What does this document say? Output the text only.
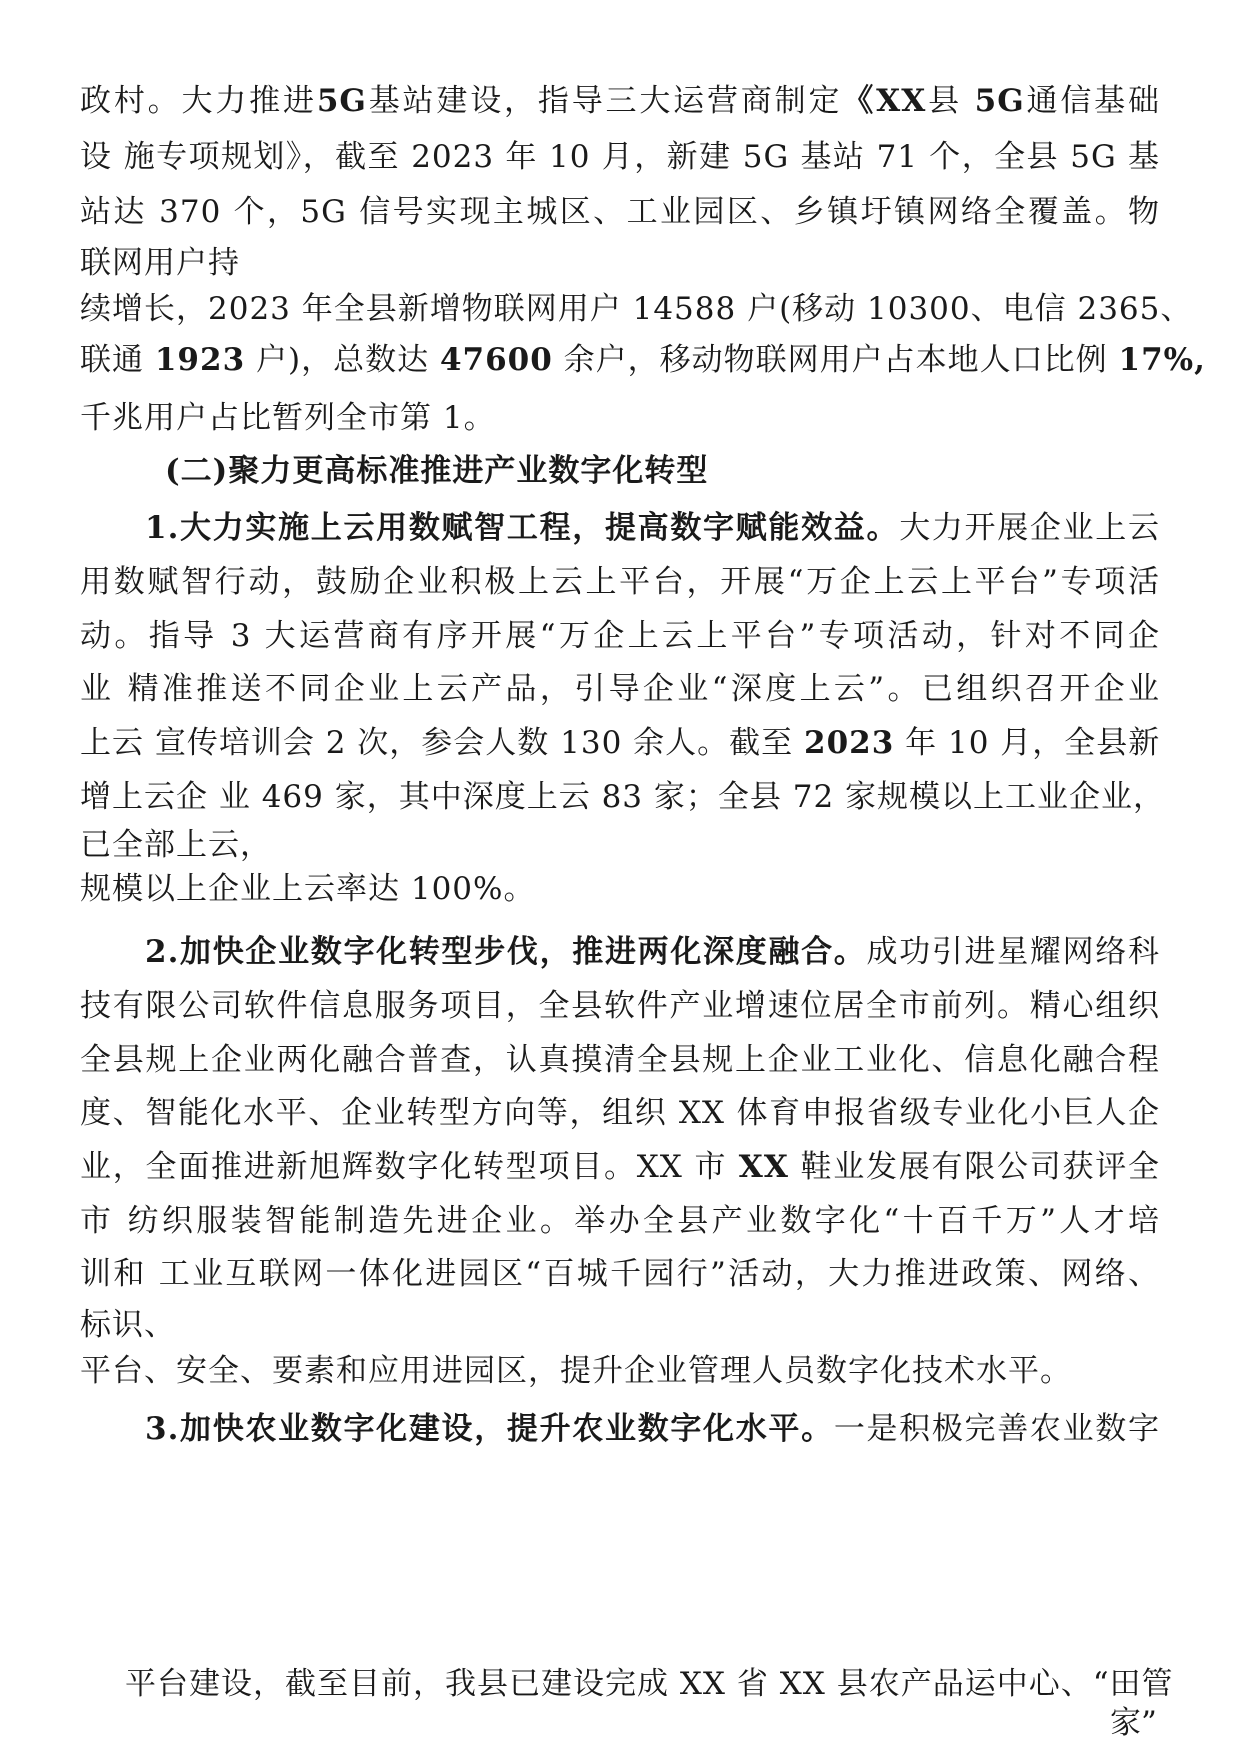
政村。大力推进5G基站建设，指导三大运营商制定《XX县 5G通信基础

设 施专项规划》，截至 2023 年 10 月，新建 5G 基站 71 个，全县 5G 基

站达 370 个，5G 信号实现主城区、工业园区、乡镇圩镇网络全覆盖。物

联网用户持

续增长，2023 年全县新增物联网用户 14588 户(移动 10300、电信 2365、

联通 1923 户)，总数达 47600 余户，移动物联网用户占本地人口比例 17%,

千兆用户占比暂列全市第 1。

(二)聚力更高标准推进产业数字化转型

1.大力实施上云用数赋智工程，提高数字赋能效益。大力开展企业上云

用数赋智行动，鼓励企业积极上云上平台，开展“万企上云上平台”专项活

动。指导 3 大运营商有序开展“万企上云上平台”专项活动，针对不同企

业 精准推送不同企业上云产品，引导企业“深度上云”。已组织召开企业

上云 宣传培训会 2 次，参会人数 130 余人。截至 2023 年 10 月，全县新

增上云企 业 469 家，其中深度上云 83 家；全县 72 家规模以上工业企业，

已全部上云，

规模以上企业上云率达 100%。

2.加快企业数字化转型步伐，推进两化深度融合。成功引进星耀网络科

技有限公司软件信息服务项目，全县软件产业增速位居全市前列。精心组织

全县规上企业两化融合普查，认真摸清全县规上企业工业化、信息化融合程

度、智能化水平、企业转型方向等，组织 XX 体育申报省级专业化小巨人企

业，全面推进新旭辉数字化转型项目。XX 市 XX 鞋业发展有限公司获评全

市 纺织服装智能制造先进企业。举办全县产业数字化“十百千万”人才培

训和 工业互联网一体化进园区“百城千园行”活动，大力推进政策、网络、

标识、

平台、安全、要素和应用进园区，提升企业管理人员数字化技术水平。

3.加快农业数字化建设，提升农业数字化水平。一是积极完善农业数字

平台建设，截至目前，我县已建设完成 XX 省 XX 县农产品运中心、“田管

家”
